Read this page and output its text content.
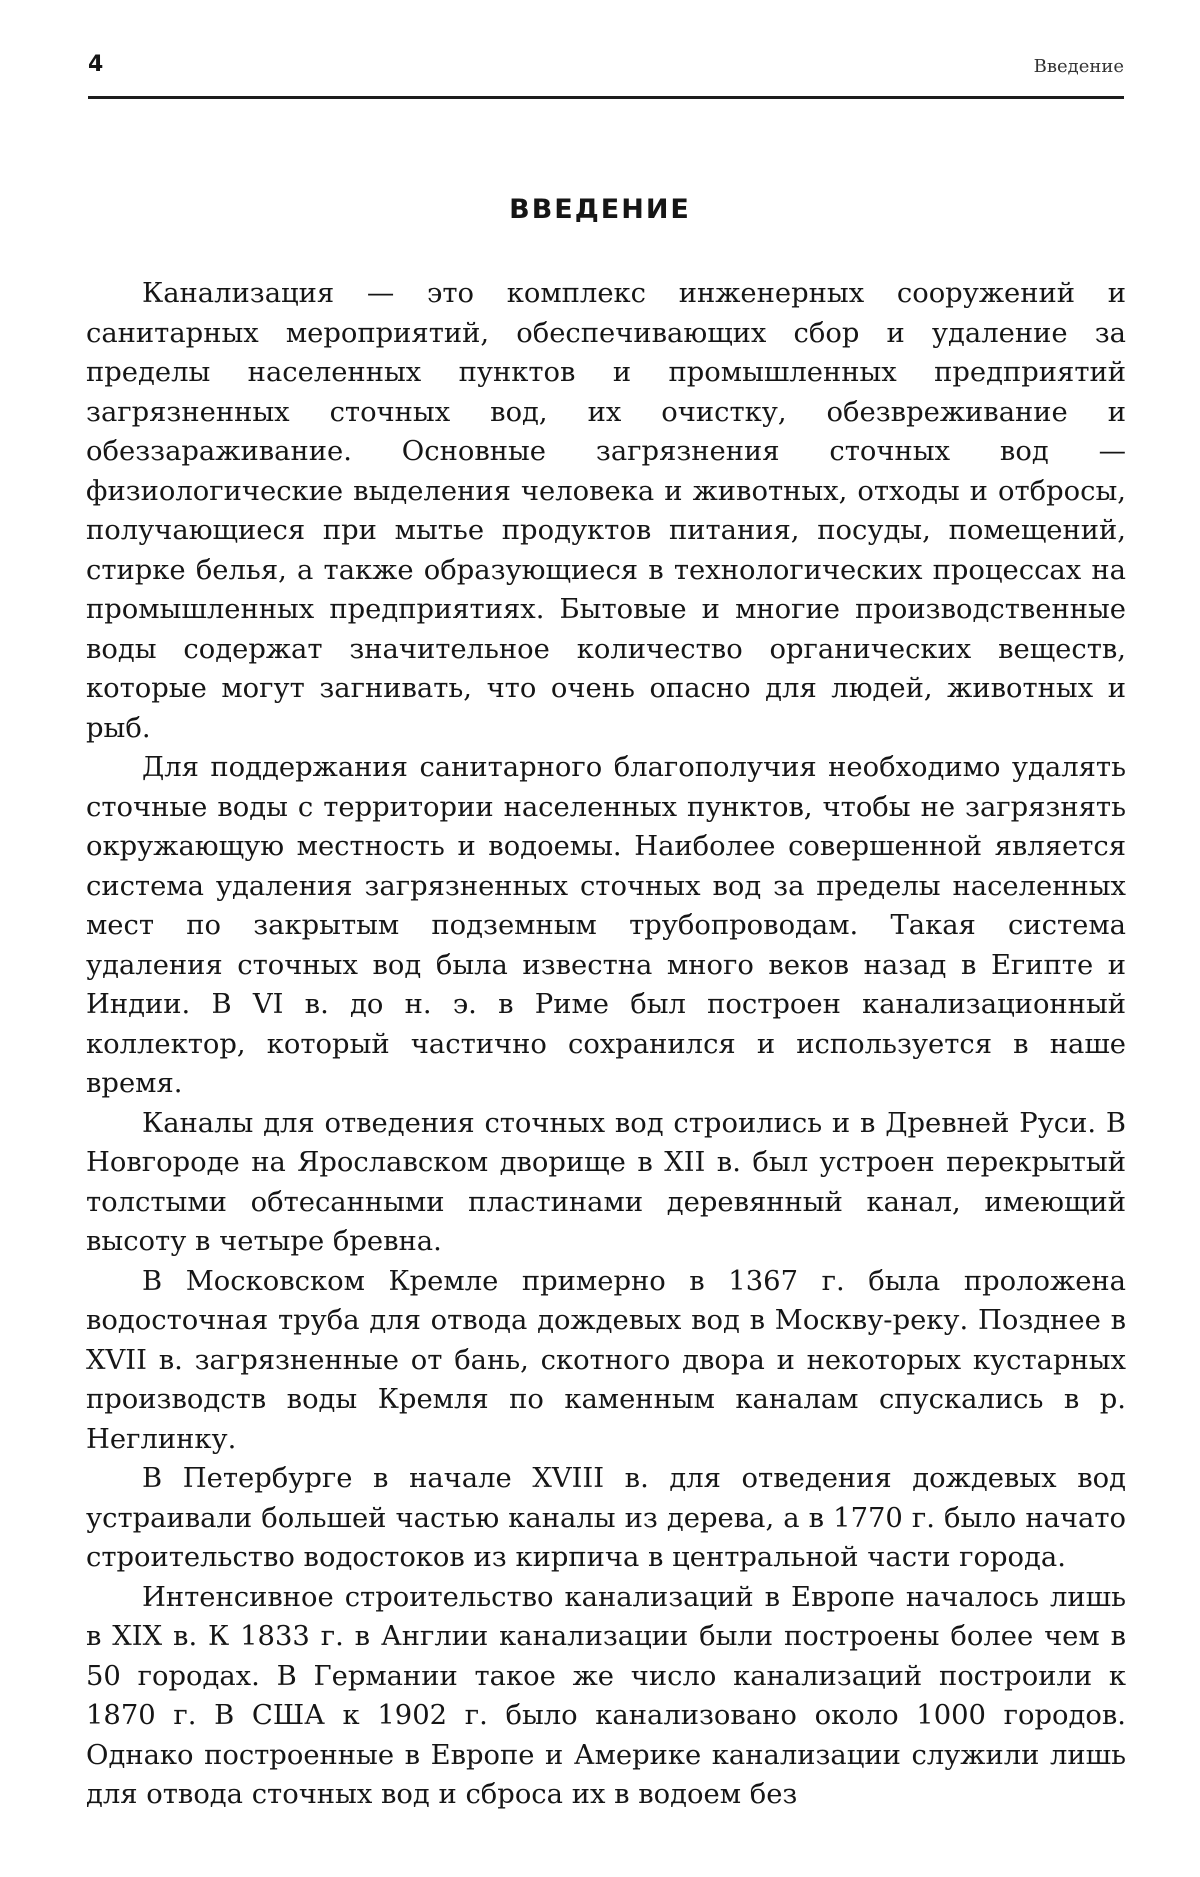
4	Введение
ВВЕДЕНИЕ

Канализация — это комплекс инженерных сооружений и санитарных мероприятий, обеспечивающих сбор и удаление за пределы населенных пунктов и промышленных предприятий загрязненных сточных вод, их очистку, обезвреживание и обеззараживание. Основные загрязнения сточных вод — физиологические выделения человека и животных, отходы и отбросы, получающиеся при мытье продуктов питания, посуды, помещений, стирке белья, а также образующиеся в технологических процессах на промышленных предприятиях. Бытовые и многие производственные воды содержат значительное количество органических веществ, которые могут загнивать, что очень опасно для людей, животных и рыб.

Для поддержания санитарного благополучия необходимо удалять сточные воды с территории населенных пунктов, чтобы не загрязнять окружающую местность и водоемы. Наиболее совершенной является система удаления загрязненных сточных вод за пределы населенных мест по закрытым подземным трубопроводам. Такая система удаления сточных вод была известна много веков назад в Египте и Индии. В VI в. до н. э. в Риме был построен канализационный коллектор, который частично сохранился и используется в наше время.

Каналы для отведения сточных вод строились и в Древней Руси. В Новгороде на Ярославском дворище в XII в. был устроен перекрытый толстыми обтесанными пластинами деревянный канал, имеющий высоту в четыре бревна.

В Московском Кремле примерно в 1367 г. была проложена водосточная труба для отвода дождевых вод в Москву-реку. Позднее в XVII в. загрязненные от бань, скотного двора и некоторых кустарных производств воды Кремля по каменным каналам спускались в р. Неглинку.

В Петербурге в начале XVIII в. для отведения дождевых вод устраивали большей частью каналы из дерева, а в 1770 г. было начато строительство водостоков из кирпича в центральной части города.

Интенсивное строительство канализаций в Европе началось лишь в XIX в. К 1833 г. в Англии канализации были построены более чем в 50 городах. В Германии такое же число канализаций построили к 1870 г. В США к 1902 г. было канализовано около 1000 городов. Однако построенные в Европе и Америке канализации служили лишь для отвода сточных вод и сброса их в водоем без
